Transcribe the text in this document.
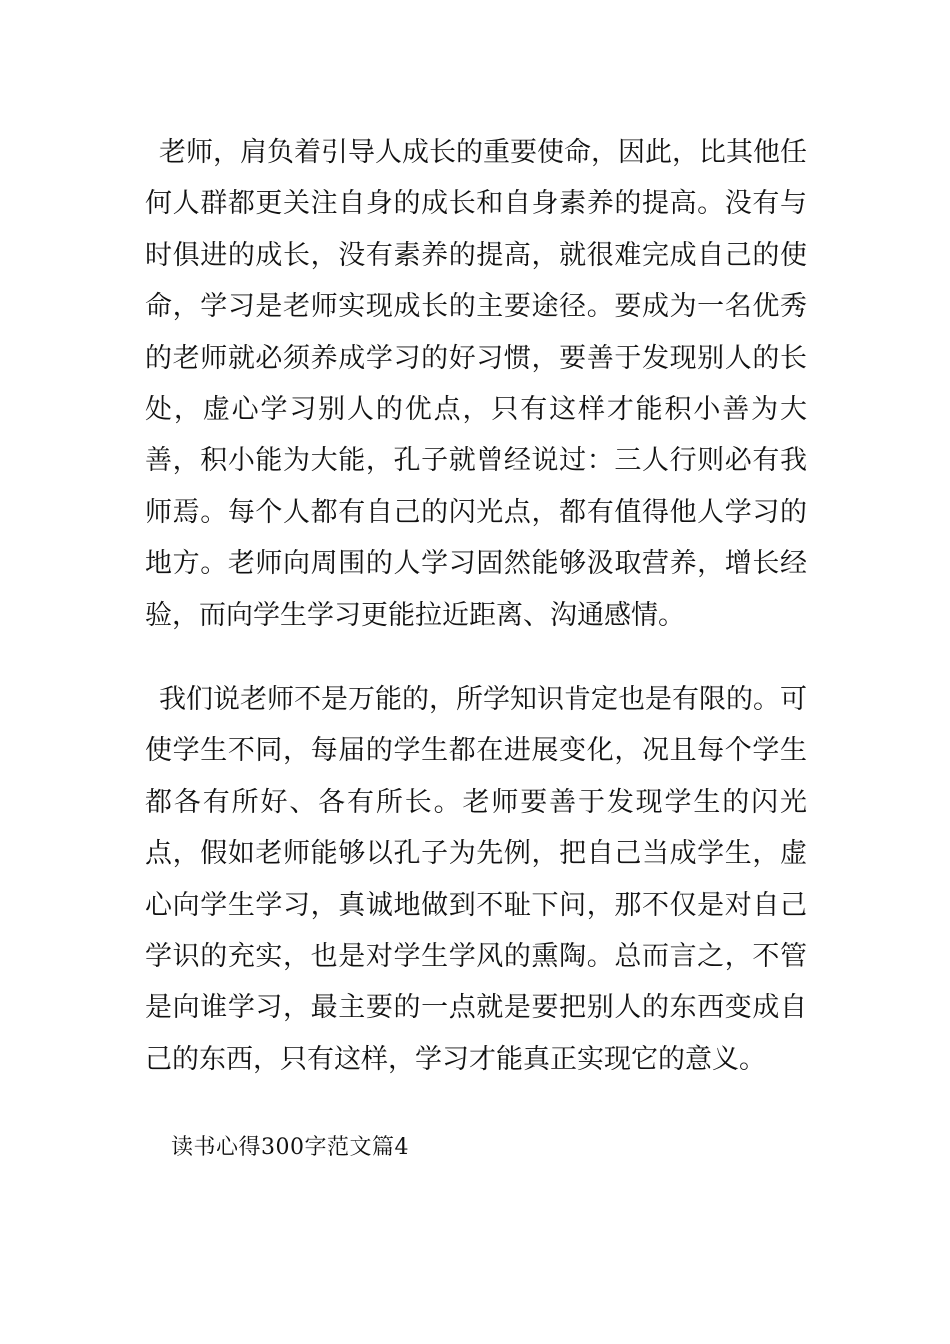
老师，肩负着引导人成长的重要使命，因此，比其他任何人群都更关注自身的成长和自身素养的提高。没有与时俱进的成长，没有素养的提高，就很难完成自己的使命，学习是老师实现成长的主要途径。要成为一名优秀的老师就必须养成学习的好习惯，要善于发现别人的长处，虚心学习别人的优点，只有这样才能积小善为大善，积小能为大能，孔子就曾经说过：三人行则必有我师焉。每个人都有自己的闪光点，都有值得他人学习的地方。老师向周围的人学习固然能够汲取营养，增长经验，而向学生学习更能拉近距离、沟通感情。

我们说老师不是万能的，所学知识肯定也是有限的。可使学生不同，每届的学生都在进展变化，况且每个学生都各有所好、各有所长。老师要善于发现学生的闪光点，假如老师能够以孔子为先例，把自己当成学生，虚心向学生学习，真诚地做到不耻下问，那不仅是对自己学识的充实，也是对学生学风的熏陶。总而言之，不管是向谁学习，最主要的一点就是要把别人的东西变成自己的东西，只有这样，学习才能真正实现它的意义。

读书心得300字范文篇4
